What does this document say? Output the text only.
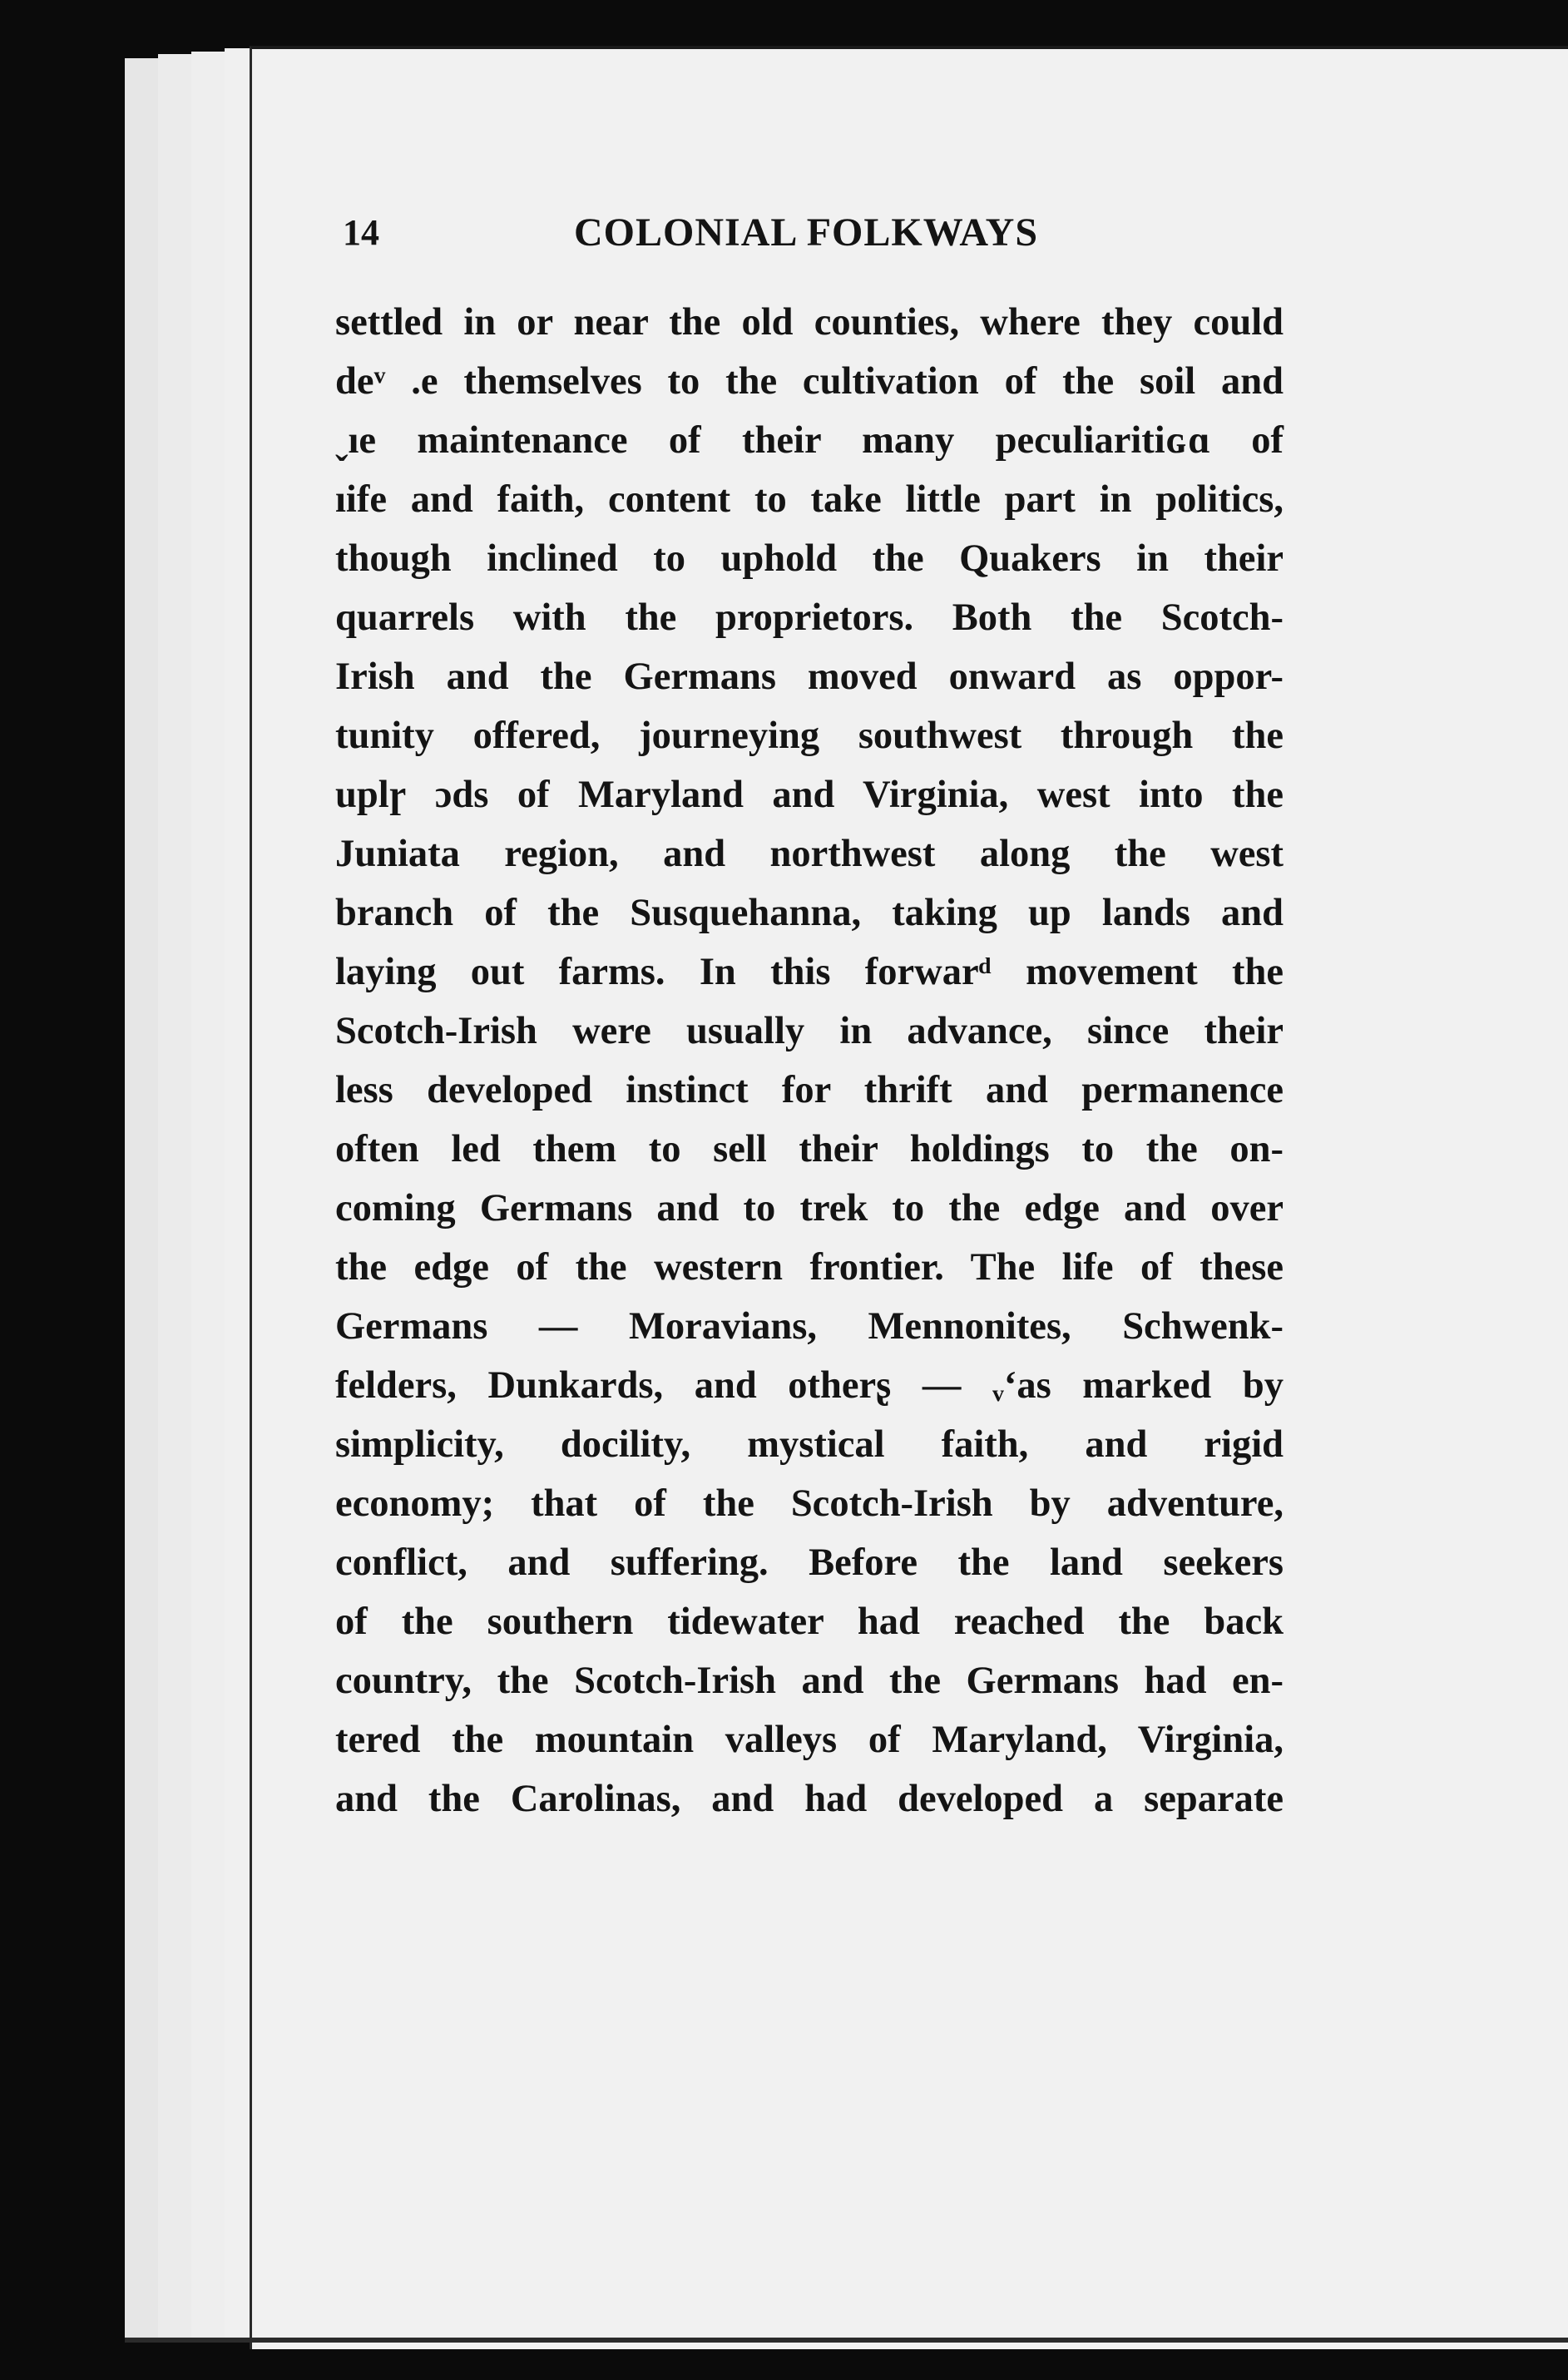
14	COLONIAL FOLKWAYS
settled in or near the old counties, where they could
deᵛ .e themselves to the cultivation of the soil and
ˬıe maintenance of their many peculiaritiɢɑ of
ıife and faith, content to take little part in politics,
though inclined to uphold the Quakers in their
quarrels with the proprietors. Both the Scotch-
Irish and the Germans moved onward as oppor-
tunity offered, journeying southwest through the
uplɼ ɔds of Maryland and Virginia, west into the
Juniata region, and northwest along the west
branch of the Susquehanna, taking up lands and
laying out farms. In this forwarᵈ movement the
Scotch-Irish were usually in advance, since their
less developed instinct for thrift and permanence
often led them to sell their holdings to the on-
coming Germans and to trek to the edge and over
the edge of the western frontier. The life of these
Germans — Moravians, Mennonites, Schwenk-
felders, Dunkards, and otherʂ — ᵥʻas marked by
simplicity, docility, mystical faith, and rigid
economy; that of the Scotch-Irish by adventure,
conflict, and suffering. Before the land seekers
of the southern tidewater had reached the back
country, the Scotch-Irish and the Germans had en-
tered the mountain valleys of Maryland, Virginia,
and the Carolinas, and had developed a separate
